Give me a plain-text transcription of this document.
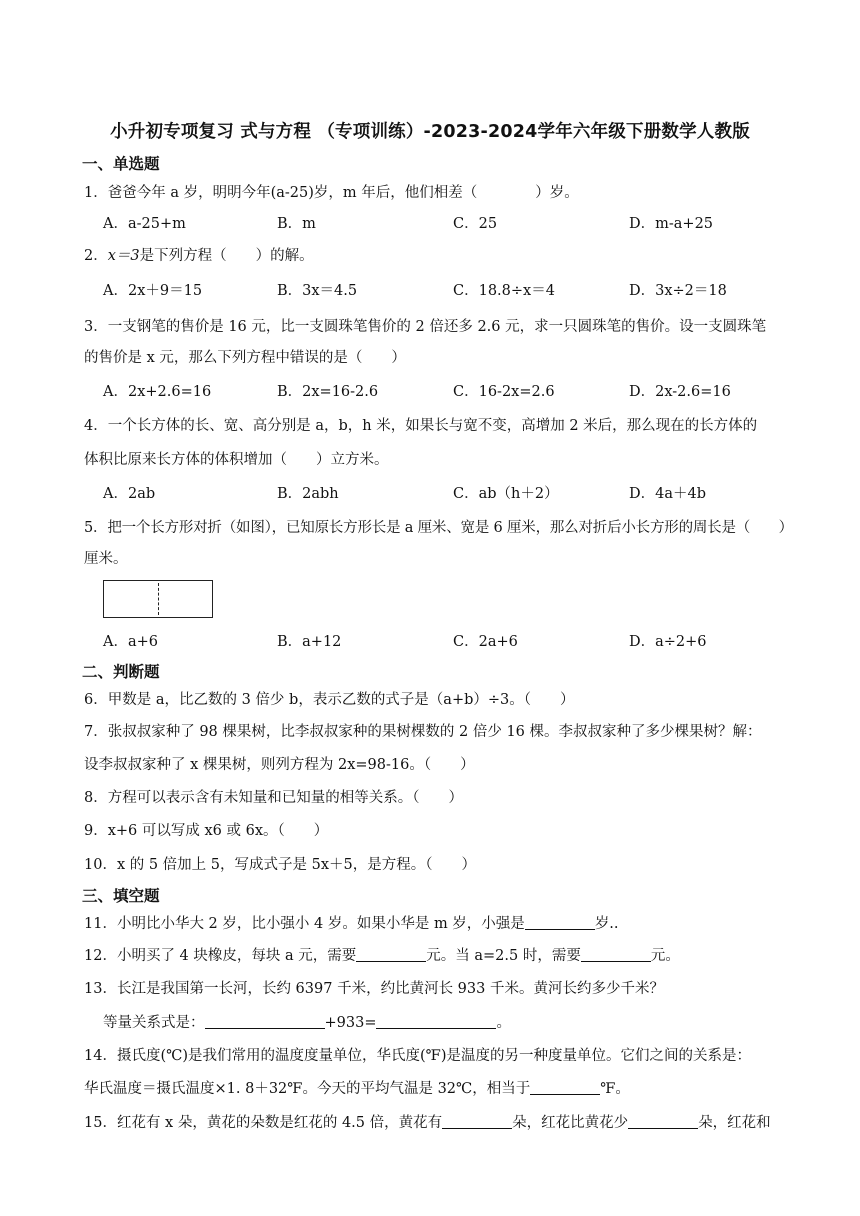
小升初专项复习 式与方程 （专项训练）-2023-2024学年六年级下册数学人教版
一、单选题
1．爸爸今年 a 岁，明明今年(a-25)岁，m 年后，他们相差（　　　　）岁。
A．a-25+m	B．m	C．25	D．m-a+25
2．x＝3是下列方程（　　）的解。
A．2x＋9＝15	B．3x＝4.5	C．18.8÷x＝4	D．3x÷2＝18
3．一支钢笔的售价是 16 元，比一支圆珠笔售价的 2 倍还多 2.6 元，求一只圆珠笔的售价。设一支圆珠笔
的售价是 x 元，那么下列方程中错误的是（　　）
A．2x+2.6=16	B．2x=16-2.6	C．16-2x=2.6	D．2x-2.6=16
4．一个长方体的长、宽、高分别是 a，b，h 米，如果长与宽不变，高增加 2 米后，那么现在的长方体的
体积比原来长方体的体积增加（　　）立方米。
A．2ab	B．2abh	C．ab（h＋2）	D．4a＋4b
5．把一个长方形对折（如图），已知原长方形长是 a 厘米、宽是 6 厘米，那么对折后小长方形的周长是（　　）
厘米。
A．a+6	B．a+12	C．2a+6	D．a÷2+6
二、判断题
6．甲数是 a，比乙数的 3 倍少 b，表示乙数的式子是（a+b）÷3。（　　）
7．张叔叔家种了 98 棵果树，比李叔叔家种的果树棵数的 2 倍少 16 棵。李叔叔家种了多少棵果树？解：
设李叔叔家种了 x 棵果树，则列方程为 2x=98-16。（　　）
8．方程可以表示含有未知量和已知量的相等关系。（　　）
9．x+6 可以写成 x6 或 6x。（　　）
10．x 的 5 倍加上 5，写成式子是 5x＋5，是方程。（　　）
三、填空题
11．小明比小华大 2 岁，比小强小 4 岁。如果小华是 m 岁，小强是	岁..
12．小明买了 4 块橡皮，每块 a 元，需要	元。当 a=2.5 时，需要	元。
13．长江是我国第一长河，长约 6397 千米，约比黄河长 933 千米。黄河长约多少千米？
等量关系式是：	+933=	。
14．摄氏度(℃)是我们常用的温度度量单位，华氏度(℉)是温度的另一种度量单位。它们之间的关系是：
华氏温度＝摄氏温度×1. 8＋32℉。今天的平均气温是 32℃，相当于	℉。
15．红花有 x 朵，黄花的朵数是红花的 4.5 倍，黄花有	朵，红花比黄花少	朵，红花和
